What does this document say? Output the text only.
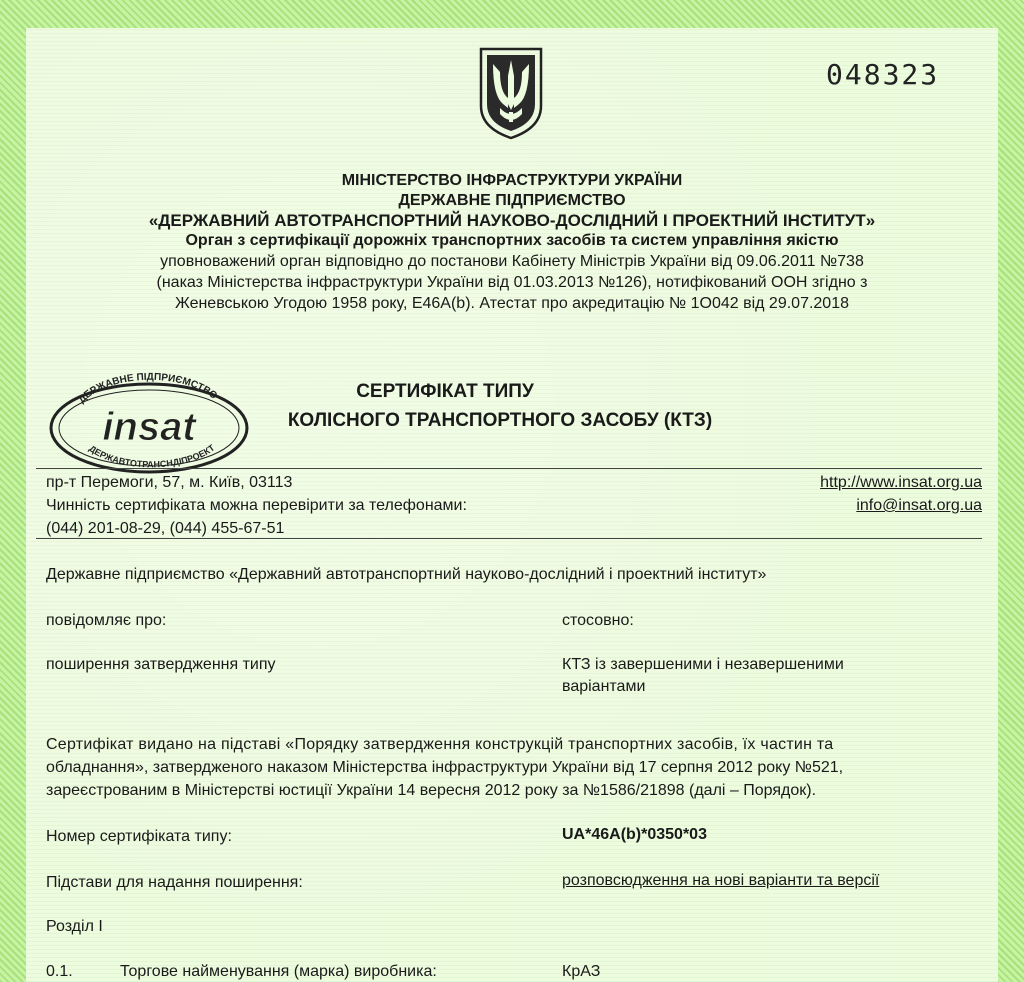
048323
МІНІСТЕРСТВО ІНФРАСТРУКТУРИ УКРАЇНИ
ДЕРЖАВНЕ ПІДПРИЄМСТВО
«ДЕРЖАВНИЙ АВТОТРАНСПОРТНИЙ НАУКОВО-ДОСЛІДНИЙ І ПРОЕКТНИЙ ІНСТИТУТ»
Орган з сертифікації дорожніх транспортних засобів та систем управління якістю
уповноважений орган відповідно до постанови Кабінету Міністрів України від 09.06.2011 №738
(наказ Міністерства інфраструктури України від 01.03.2013 №126), нотифікований ООН згідно з
Женевською Угодою 1958 року, Е46А(b). Атестат про акредитацію № 1О042 від 29.07.2018
ДЕРЖАВНЕ ПІДПРИЄМСТВО
insat
ДЕРЖАВТОТРАНСНДІПРОЕКТ
СЕРТИФІКАТ ТИПУ
КОЛІСНОГО ТРАНСПОРТНОГО ЗАСОБУ (КТЗ)
пр-т Перемоги, 57, м. Київ, 03113
Чинність сертифіката можна перевірити за телефонами:
(044) 201-08-29, (044) 455-67-51
http://www.insat.org.ua
info@insat.org.ua
Державне підприємство «Державний автотранспортний науково-дослідний і проектний інститут»
повідомляє про:	стосовно:
поширення затвердження типу	КТЗ із завершеними і незавершеними
варіантами
Сертифікат видано на підставі «Порядку затвердження конструкцій транспортних засобів, їх частин та
обладнання», затвердженого наказом Міністерства інфраструктури України від 17 серпня 2012 року №521,
зареєстрованим в Міністерстві юстиції України 14 вересня 2012 року за №1586/21898 (далі – Порядок).
Номер сертифіката типу:	UA*46A(b)*0350*03
Підстави для надання поширення:	розповсюдження на нові варіанти та версії
Розділ І
0.1.	Торгове найменування (марка) виробника:	КрАЗ
